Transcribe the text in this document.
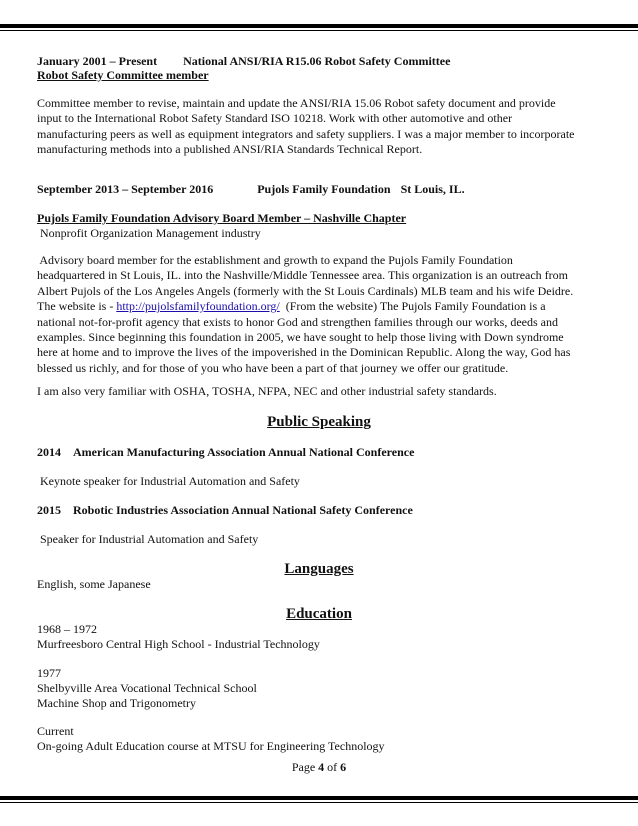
January 2001 – Present National ANSI/RIA R15.06 Robot Safety Committee
Robot Safety Committee member
Committee member to revise, maintain and update the ANSI/RIA 15.06 Robot safety document and provide
input to the International Robot Safety Standard ISO 10218. Work with other automotive and other
manufacturing peers as well as equipment integrators and safety suppliers. I was a major member to incorporate
manufacturing methods into a published ANSI/RIA Standards Technical Report.
September 2013 – September 2016	Pujols Family Foundation St Louis, IL.
Pujols Family Foundation Advisory Board Member – Nashville Chapter
Nonprofit Organization Management industry
Advisory board member for the establishment and growth to expand the Pujols Family Foundation
headquartered in St Louis, IL. into the Nashville/Middle Tennessee area. This organization is an outreach from
Albert Pujols of the Los Angeles Angels (formerly with the St Louis Cardinals) MLB team and his wife Deidre.
The website is - http://pujolsfamilyfoundation.org/  (From the website) The Pujols Family Foundation is a
national not-for-profit agency that exists to honor God and strengthen families through our works, deeds and
examples. Since beginning this foundation in 2005, we have sought to help those living with Down syndrome
here at home and to improve the lives of the impoverished in the Dominican Republic. Along the way, God has
blessed us richly, and for those of you who have been a part of that journey we offer our gratitude.
I am also very familiar with OSHA, TOSHA, NFPA, NEC and other industrial safety standards.
Public Speaking
2014 American Manufacturing Association Annual National Conference
Keynote speaker for Industrial Automation and Safety
2015 Robotic Industries Association Annual National Safety Conference
Speaker for Industrial Automation and Safety
Languages
English, some Japanese
Education
1968 – 1972
Murfreesboro Central High School - Industrial Technology
1977
Shelbyville Area Vocational Technical School
Machine Shop and Trigonometry
Current
On-going Adult Education course at MTSU for Engineering Technology
Page 4 of 6
